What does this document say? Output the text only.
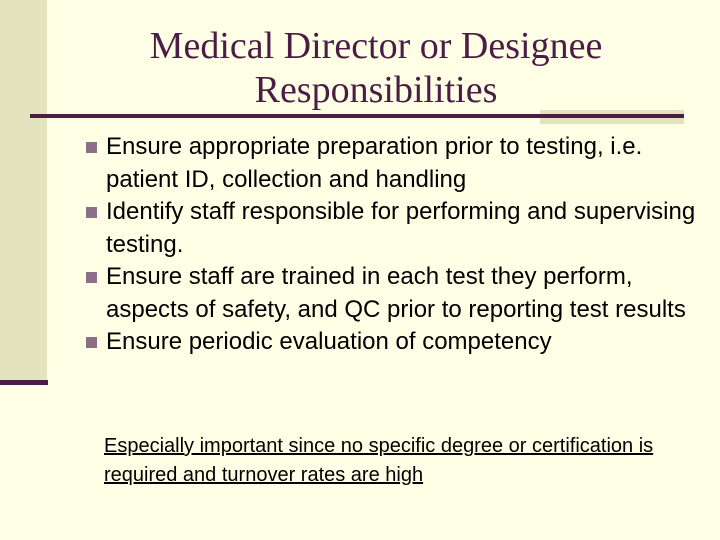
Medical Director or Designee
Responsibilities
Ensure appropriate preparation prior to testing, i.e. patient ID, collection and handling
Identify staff responsible for performing and supervising testing.
Ensure staff are trained in each test they perform, aspects of safety, and QC prior to reporting test results
Ensure periodic evaluation of competency

Especially important since no specific degree or certification is required and turnover rates are high
